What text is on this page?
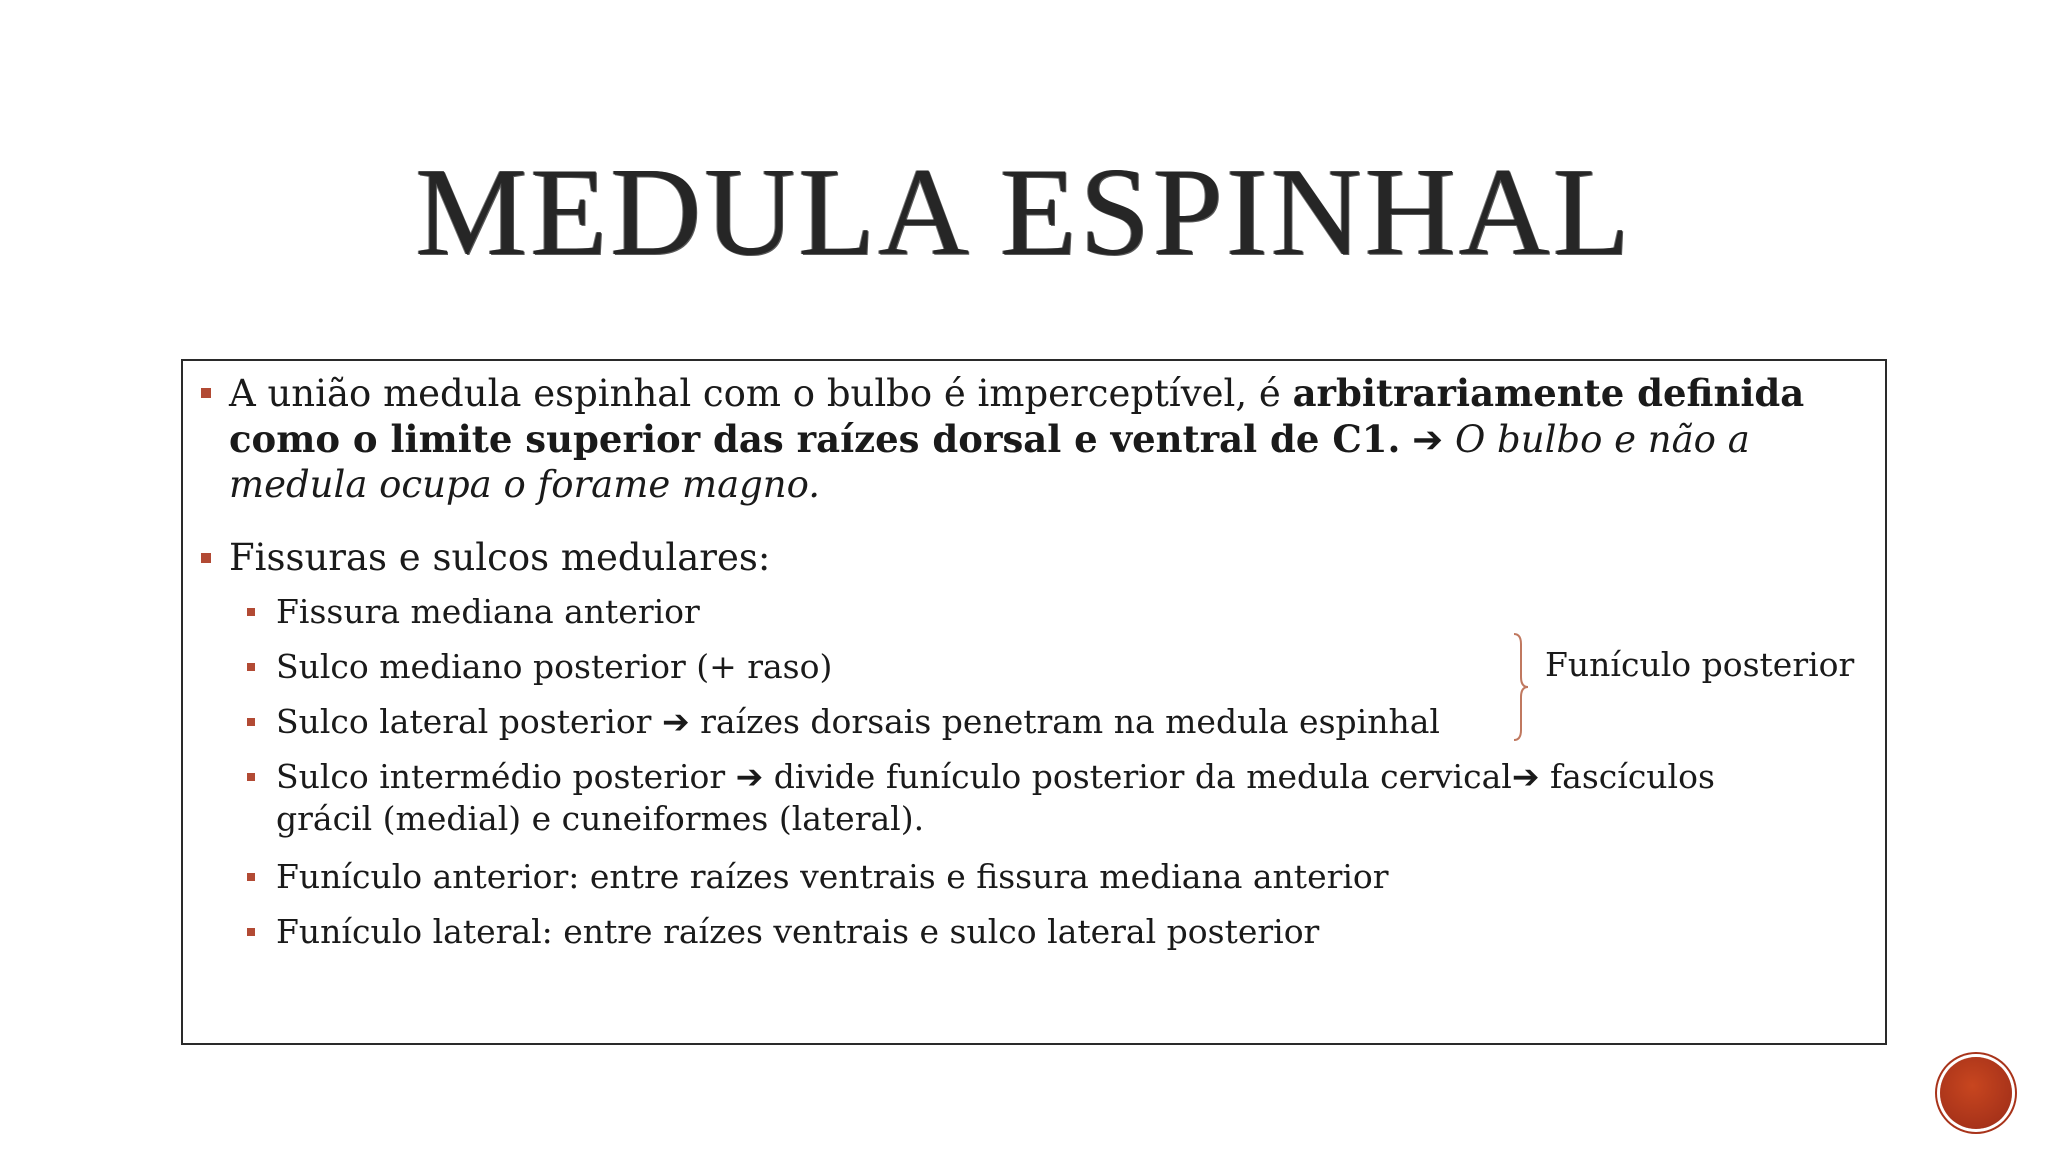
MEDULA ESPINHAL
A união medula espinhal com o bulbo é imperceptível, é arbitrariamente definida
como o limite superior das raízes dorsal e ventral de C1. ➔ O bulbo e não a
medula ocupa o forame magno.
Fissuras e sulcos medulares:
Fissura mediana anterior
Sulco mediano posterior (+ raso)
Sulco lateral posterior ➔ raízes dorsais penetram na medula espinhal
Sulco intermédio posterior ➔ divide funículo posterior da medula cervical➔ fascículos
grácil (medial) e cuneiformes (lateral).
Funículo anterior: entre raízes ventrais e fissura mediana anterior
Funículo lateral: entre raízes ventrais e sulco lateral posterior
Funículo posterior
